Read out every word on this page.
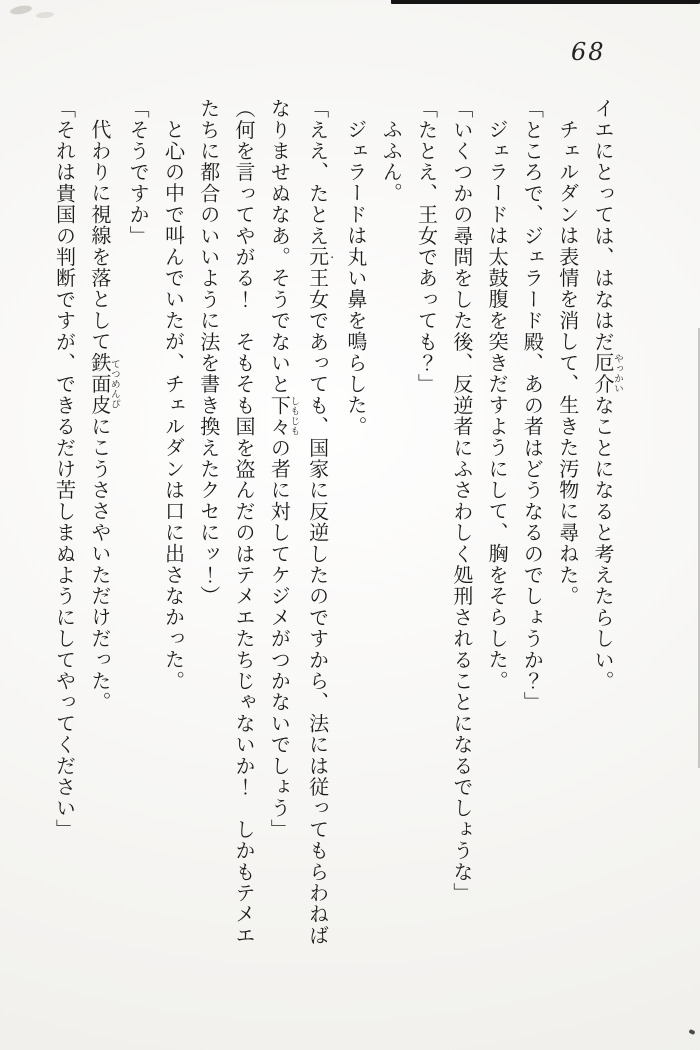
68

イエにとっては、はなはだ厄介 やっかいなことになると考えたらしい。

チェルダンは表情を消して、生きた汚物に尋ねた。

「ところで、ジェラード殿、あの者はどうなるのでしょうか？」

ジェラードは太鼓腹を突きだすようにして、胸をそらした。

「いくつかの尋問をした後、反逆者にふさわしく処刑されることになるでしょうな」

「たとえ、王女であっても？」

ふふん。

ジェラードは丸い鼻を鳴らした。

「ええ、たとえ元 ・王女であっても、国家に反逆したのですから、法には従ってもらわねば

なりませぬなあ。そうでないと下々 しもじもの者に対してケジメがつかないでしょう」

（何を言ってやがる！　そもそも国を盗んだのはテメエたちじゃないか！　しかもテメエ

たちに都合のいいように法を書き換えたクセにッ！）

と心の中で叫んでいたが、チェルダンは口に出さなかった。

「そうですか」

代わりに視線を落として鉄面皮 てつめんぴにこうささやいただけだった。

「それは貴国の判断ですが、できるだけ苦しまぬようにしてやってください」
